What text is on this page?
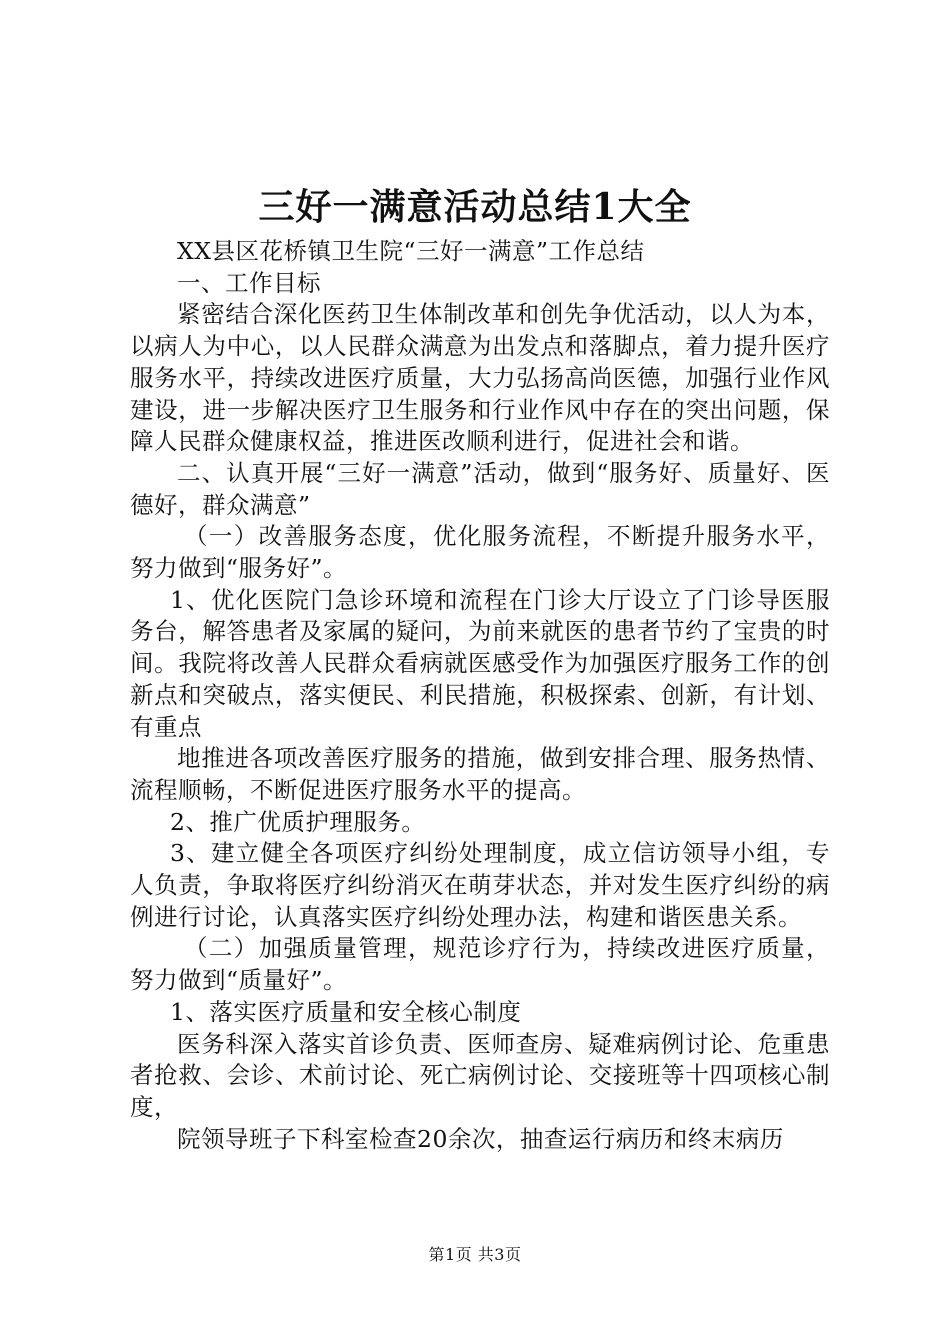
三好一满意活动总结1大全

XX县区花桥镇卫生院“三好一满意”工作总结

一、工作目标

紧密结合深化医药卫生体制改革和创先争优活动，以人为本，以病人为中心，以人民群众满意为出发点和落脚点，着力提升医疗服务水平，持续改进医疗质量，大力弘扬高尚医德，加强行业作风建设，进一步解决医疗卫生服务和行业作风中存在的突出问题，保障人民群众健康权益，推进医改顺利进行，促进社会和谐。

二、认真开展“三好一满意”活动，做到“服务好、质量好、医德好，群众满意”

（一）改善服务态度，优化服务流程，不断提升服务水平，努力做到“服务好”。

1、优化医院门急诊环境和流程在门诊大厅设立了门诊导医服务台，解答患者及家属的疑问，为前来就医的患者节约了宝贵的时间。我院将改善人民群众看病就医感受作为加强医疗服务工作的创新点和突破点，落实便民、利民措施，积极探索、创新，有计划、有重点

地推进各项改善医疗服务的措施，做到安排合理、服务热情、流程顺畅，不断促进医疗服务水平的提高。

2、推广优质护理服务。

3、建立健全各项医疗纠纷处理制度，成立信访领导小组，专人负责，争取将医疗纠纷消灭在萌芽状态，并对发生医疗纠纷的病例进行讨论，认真落实医疗纠纷处理办法，构建和谐医患关系。

（二）加强质量管理，规范诊疗行为，持续改进医疗质量，努力做到“质量好”。

1、落实医疗质量和安全核心制度

医务科深入落实首诊负责、医师查房、疑难病例讨论、危重患者抢救、会诊、术前讨论、死亡病例讨论、交接班等十四项核心制度，

院领导班子下科室检查20余次，抽查运行病历和终末病历

第1页 共3页
